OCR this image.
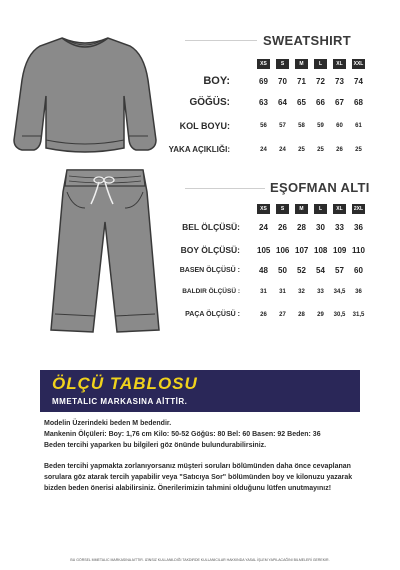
SWEATSHIRT
XS	S	M	L	XL	XXL
BOY:	69 70 71 72 73 74
GÖĞÜS:	63 64 65 66 67 68
KOL BOYU:	56	57	58	59	60	61
YAKA AÇIKLIĞI:	24	24	25	25	26	25
EŞOFMAN ALTI
XS	S	M	L	XL	2XL
BEL ÖLÇÜSÜ: 24 26 28 30 33 36
BOY ÖLÇÜSÜ: 105 106 107 108 109 110
BASEN ÖLÇÜSÜ : 48 50 52 54 57 60
BALDIR ÖLÇÜSÜ :	31	31	32	33	34,5	36
PAÇA ÖLÇÜSÜ :	26	27	28	29	30,5 31,5
ÖLÇÜ TABLOSU
MMETALIC MARKASINA AİTTİR.

Modelin Üzerindeki beden M bedendir.

Mankenin Ölçüleri: Boy: 1,76 cm Kilo: 50-52 Göğüs: 80 Bel: 60 Basen: 92 Beden: 36

Beden tercihi yaparken bu bilgileri göz önünde bulundurabilirsiniz.

Beden tercihi yapmakta zorlanıyorsanız müşteri soruları bölümünden daha önce cevaplanan sorulara göz atarak tercih yapabilir veya "Satıcıya Sor" bölümünden boy ve kilonuzu yazarak bizden beden önerisi alabilirsiniz. Önerilerimizin tahmini olduğunu lütfen unutmayınız!

BU GÖRSEL MMETALIC MARKASINA AITTIR. IZINSIZ KULLANILDIĞI TAKDIRDE KULLANICILAR HAKKINDA YASAL İŞLEM YAPILACAĞINI BILMELERİ GEREKIR.
